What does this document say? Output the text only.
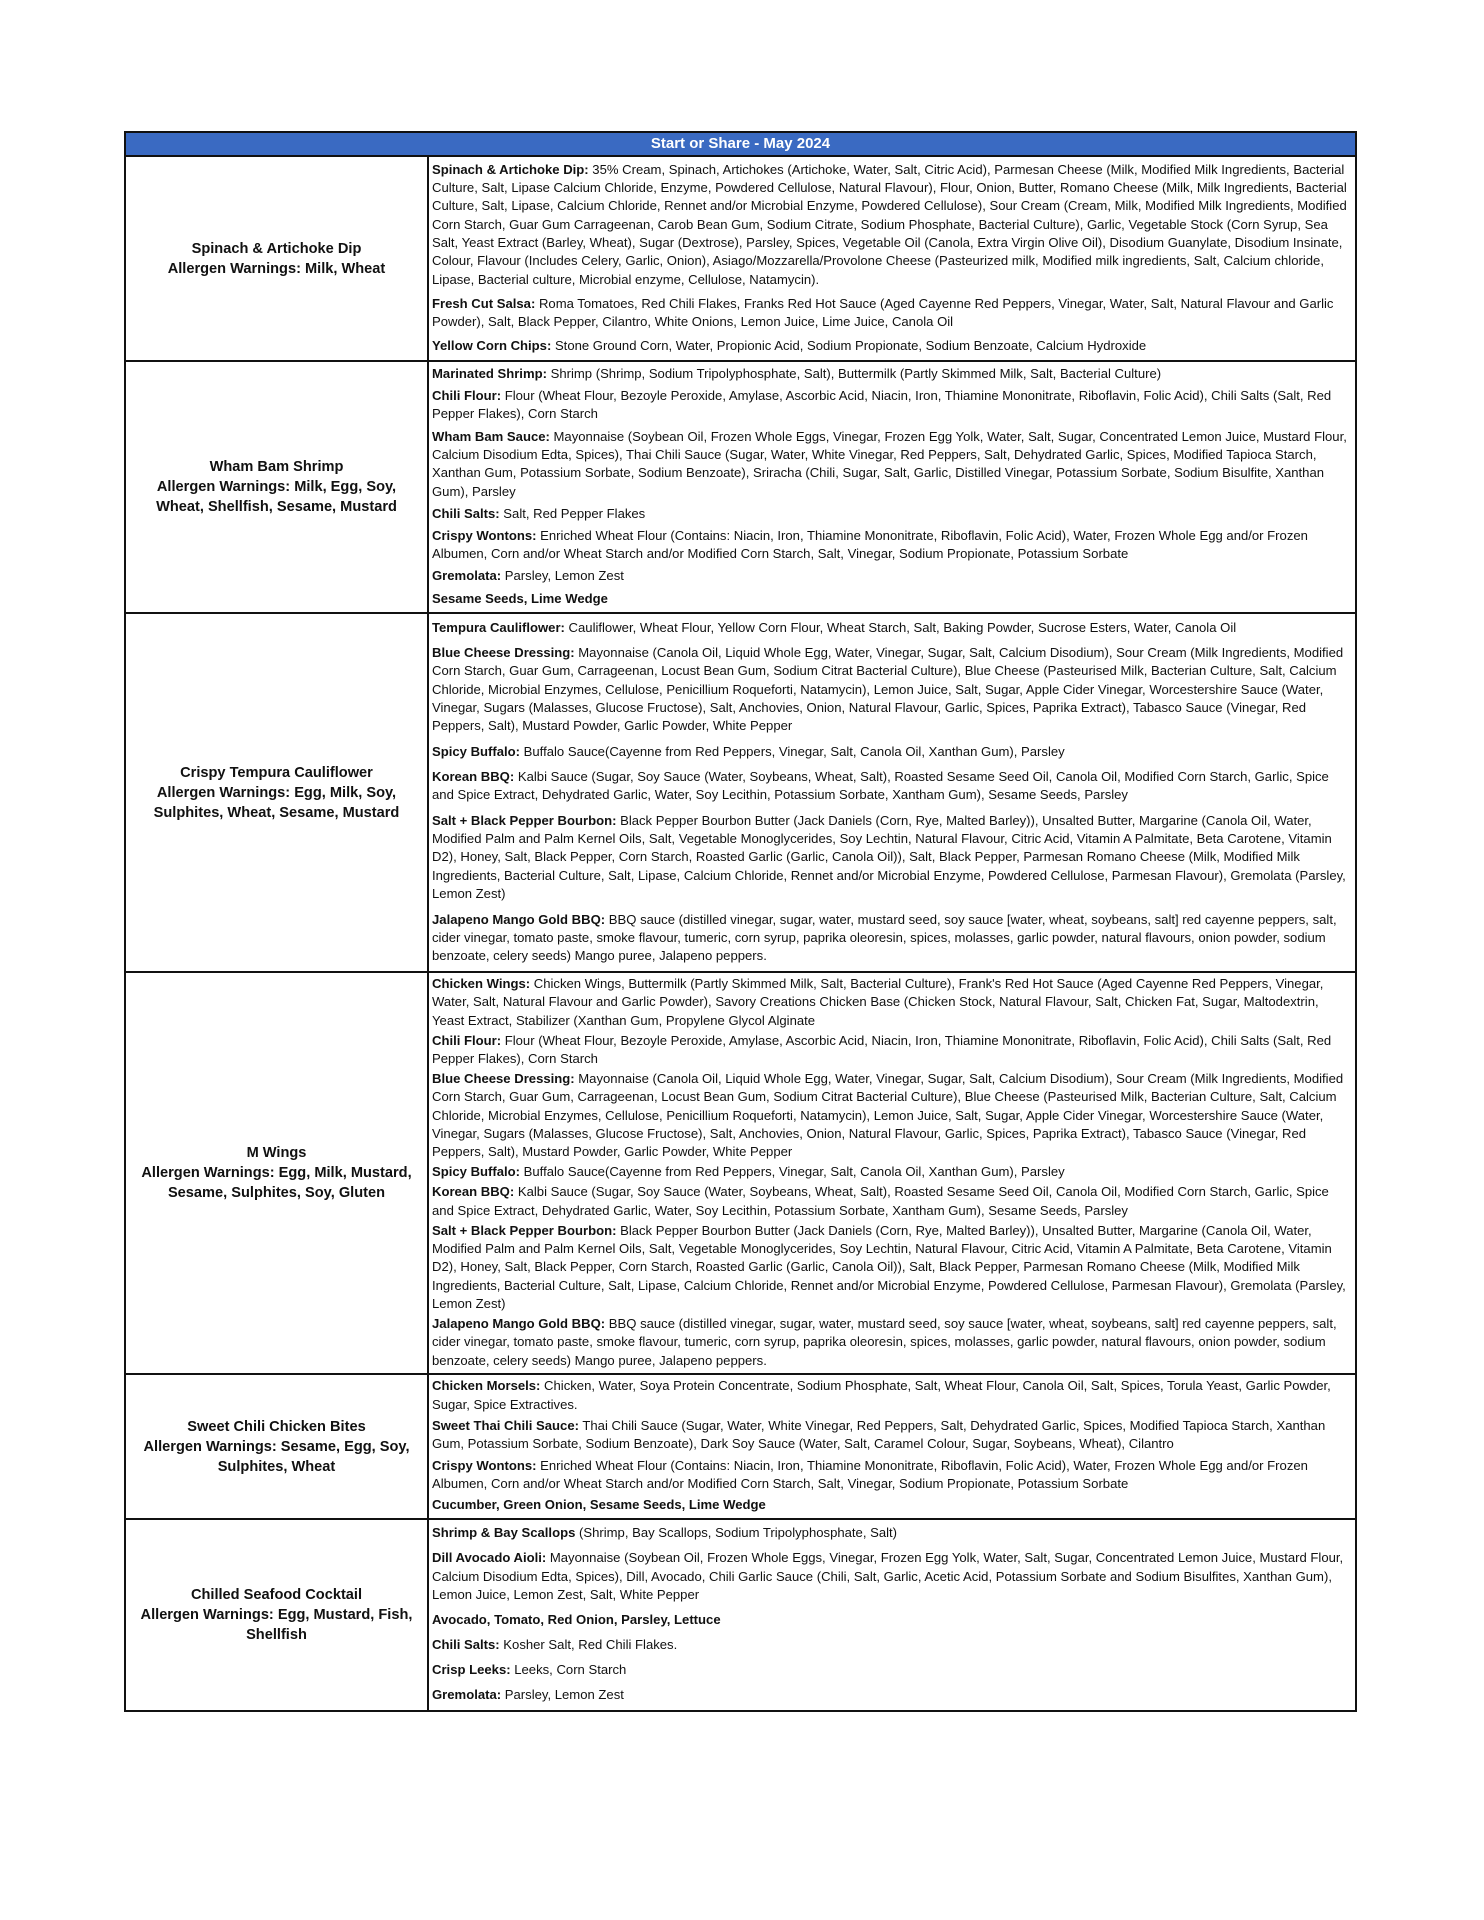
Start or Share - May 2024
Spinach & Artichoke Dip
Allergen Warnings: Milk, Wheat
Spinach & Artichoke Dip: 35% Cream, Spinach, Artichokes (Artichoke, Water, Salt, Citric Acid), Parmesan Cheese (Milk, Modified Milk Ingredients, Bacterial Culture, Salt, Lipase Calcium Chloride, Enzyme, Powdered Cellulose, Natural Flavour), Flour, Onion, Butter, Romano Cheese (Milk, Milk Ingredients, Bacterial Culture, Salt, Lipase, Calcium Chloride, Rennet and/or Microbial Enzyme, Powdered Cellulose), Sour Cream (Cream, Milk, Modified Milk Ingredients, Modified Corn Starch, Guar Gum Carrageenan, Carob Bean Gum, Sodium Citrate, Sodium Phosphate, Bacterial Culture), Garlic, Vegetable Stock (Corn Syrup, Sea Salt, Yeast Extract (Barley, Wheat), Sugar (Dextrose), Parsley, Spices, Vegetable Oil (Canola, Extra Virgin Olive Oil), Disodium Guanylate, Disodium Insinate, Colour, Flavour (Includes Celery, Garlic, Onion), Asiago/Mozzarella/Provolone Cheese (Pasteurized milk, Modified milk ingredients, Salt, Calcium chloride, Lipase, Bacterial culture, Microbial enzyme, Cellulose, Natamycin).
Fresh Cut Salsa: Roma Tomatoes, Red Chili Flakes, Franks Red Hot Sauce (Aged Cayenne Red Peppers, Vinegar, Water, Salt, Natural Flavour and Garlic Powder), Salt, Black Pepper, Cilantro, White Onions, Lemon Juice, Lime Juice, Canola Oil
Yellow Corn Chips: Stone Ground Corn, Water, Propionic Acid, Sodium Propionate, Sodium Benzoate, Calcium Hydroxide
Wham Bam Shrimp
Allergen Warnings: Milk, Egg, Soy,
Wheat, Shellfish, Sesame, Mustard
Marinated Shrimp: Shrimp (Shrimp, Sodium Tripolyphosphate, Salt), Buttermilk (Partly Skimmed Milk, Salt, Bacterial Culture)
Chili Flour: Flour (Wheat Flour, Bezoyle Peroxide, Amylase, Ascorbic Acid, Niacin, Iron, Thiamine Mononitrate, Riboflavin, Folic Acid), Chili Salts (Salt, Red Pepper Flakes), Corn Starch
Wham Bam Sauce: Mayonnaise (Soybean Oil, Frozen Whole Eggs, Vinegar, Frozen Egg Yolk, Water, Salt, Sugar, Concentrated Lemon Juice, Mustard Flour, Calcium Disodium Edta, Spices), Thai Chili Sauce (Sugar, Water, White Vinegar, Red Peppers, Salt, Dehydrated Garlic, Spices, Modified Tapioca Starch, Xanthan Gum, Potassium Sorbate, Sodium Benzoate), Sriracha (Chili, Sugar, Salt, Garlic, Distilled Vinegar, Potassium Sorbate, Sodium Bisulfite, Xanthan Gum), Parsley
Chili Salts: Salt, Red Pepper Flakes
Crispy Wontons: Enriched Wheat Flour (Contains: Niacin, Iron, Thiamine Mononitrate, Riboflavin, Folic Acid), Water, Frozen Whole Egg and/or Frozen Albumen, Corn and/or Wheat Starch and/or Modified Corn Starch, Salt, Vinegar, Sodium Propionate, Potassium Sorbate
Gremolata: Parsley, Lemon Zest
Sesame Seeds, Lime Wedge
Crispy Tempura Cauliflower
Allergen Warnings: Egg, Milk, Soy,
Sulphites, Wheat, Sesame, Mustard
Tempura Cauliflower: Cauliflower, Wheat Flour, Yellow Corn Flour, Wheat Starch, Salt, Baking Powder, Sucrose Esters, Water, Canola Oil
Blue Cheese Dressing: Mayonnaise (Canola Oil, Liquid Whole Egg, Water, Vinegar, Sugar, Salt, Calcium Disodium), Sour Cream (Milk Ingredients, Modified Corn Starch, Guar Gum, Carrageenan, Locust Bean Gum, Sodium Citrat Bacterial Culture), Blue Cheese (Pasteurised Milk, Bacterian Culture, Salt, Calcium Chloride, Microbial Enzymes, Cellulose, Penicillium Roqueforti, Natamycin), Lemon Juice, Salt, Sugar, Apple Cider Vinegar, Worcestershire Sauce (Water, Vinegar, Sugars (Malasses, Glucose Fructose), Salt, Anchovies, Onion, Natural Flavour, Garlic, Spices, Paprika Extract), Tabasco Sauce (Vinegar, Red Peppers, Salt), Mustard Powder, Garlic Powder, White Pepper
Spicy Buffalo: Buffalo Sauce(Cayenne from Red Peppers, Vinegar, Salt, Canola Oil, Xanthan Gum), Parsley
Korean BBQ: Kalbi Sauce (Sugar, Soy Sauce (Water, Soybeans, Wheat, Salt), Roasted Sesame Seed Oil, Canola Oil, Modified Corn Starch, Garlic, Spice and Spice Extract, Dehydrated Garlic, Water, Soy Lecithin, Potassium Sorbate, Xantham Gum), Sesame Seeds, Parsley
Salt + Black Pepper Bourbon: Black Pepper Bourbon Butter (Jack Daniels (Corn, Rye, Malted Barley)), Unsalted Butter, Margarine (Canola Oil, Water, Modified Palm and Palm Kernel Oils, Salt, Vegetable Monoglycerides, Soy Lechtin, Natural Flavour, Citric Acid, Vitamin A Palmitate, Beta Carotene, Vitamin D2), Honey, Salt, Black Pepper, Corn Starch, Roasted Garlic (Garlic, Canola Oil)), Salt, Black Pepper, Parmesan Romano Cheese (Milk, Modified Milk Ingredients, Bacterial Culture, Salt, Lipase, Calcium Chloride, Rennet and/or Microbial Enzyme, Powdered Cellulose, Parmesan Flavour), Gremolata (Parsley, Lemon Zest)
Jalapeno Mango Gold BBQ: BBQ sauce (distilled vinegar, sugar, water, mustard seed, soy sauce [water, wheat, soybeans, salt] red cayenne peppers, salt, cider vinegar, tomato paste, smoke flavour, tumeric, corn syrup, paprika oleoresin, spices, molasses, garlic powder, natural flavours, onion powder, sodium benzoate, celery seeds) Mango puree, Jalapeno peppers.
M Wings
Allergen Warnings: Egg, Milk, Mustard,
Sesame, Sulphites, Soy, Gluten
Chicken Wings: Chicken Wings, Buttermilk (Partly Skimmed Milk, Salt, Bacterial Culture), Frank's Red Hot Sauce (Aged Cayenne Red Peppers, Vinegar, Water, Salt, Natural Flavour and Garlic Powder), Savory Creations Chicken Base (Chicken Stock, Natural Flavour, Salt, Chicken Fat, Sugar, Maltodextrin, Yeast Extract, Stabilizer (Xanthan Gum, Propylene Glycol Alginate
Chili Flour: Flour (Wheat Flour, Bezoyle Peroxide, Amylase, Ascorbic Acid, Niacin, Iron, Thiamine Mononitrate, Riboflavin, Folic Acid), Chili Salts (Salt, Red Pepper Flakes), Corn Starch
Blue Cheese Dressing: Mayonnaise (Canola Oil, Liquid Whole Egg, Water, Vinegar, Sugar, Salt, Calcium Disodium), Sour Cream (Milk Ingredients, Modified Corn Starch, Guar Gum, Carrageenan, Locust Bean Gum, Sodium Citrat Bacterial Culture), Blue Cheese (Pasteurised Milk, Bacterian Culture, Salt, Calcium Chloride, Microbial Enzymes, Cellulose, Penicillium Roqueforti, Natamycin), Lemon Juice, Salt, Sugar, Apple Cider Vinegar, Worcestershire Sauce (Water, Vinegar, Sugars (Malasses, Glucose Fructose), Salt, Anchovies, Onion, Natural Flavour, Garlic, Spices, Paprika Extract), Tabasco Sauce (Vinegar, Red Peppers, Salt), Mustard Powder, Garlic Powder, White Pepper
Spicy Buffalo: Buffalo Sauce(Cayenne from Red Peppers, Vinegar, Salt, Canola Oil, Xanthan Gum), Parsley
Korean BBQ: Kalbi Sauce (Sugar, Soy Sauce (Water, Soybeans, Wheat, Salt), Roasted Sesame Seed Oil, Canola Oil, Modified Corn Starch, Garlic, Spice and Spice Extract, Dehydrated Garlic, Water, Soy Lecithin, Potassium Sorbate, Xantham Gum), Sesame Seeds, Parsley
Salt + Black Pepper Bourbon: Black Pepper Bourbon Butter (Jack Daniels (Corn, Rye, Malted Barley)), Unsalted Butter, Margarine (Canola Oil, Water, Modified Palm and Palm Kernel Oils, Salt, Vegetable Monoglycerides, Soy Lechtin, Natural Flavour, Citric Acid, Vitamin A Palmitate, Beta Carotene, Vitamin D2), Honey, Salt, Black Pepper, Corn Starch, Roasted Garlic (Garlic, Canola Oil)), Salt, Black Pepper, Parmesan Romano Cheese (Milk, Modified Milk Ingredients, Bacterial Culture, Salt, Lipase, Calcium Chloride, Rennet and/or Microbial Enzyme, Powdered Cellulose, Parmesan Flavour), Gremolata (Parsley, Lemon Zest)
Jalapeno Mango Gold BBQ: BBQ sauce (distilled vinegar, sugar, water, mustard seed, soy sauce [water, wheat, soybeans, salt] red cayenne peppers, salt, cider vinegar, tomato paste, smoke flavour, tumeric, corn syrup, paprika oleoresin, spices, molasses, garlic powder, natural flavours, onion powder, sodium benzoate, celery seeds) Mango puree, Jalapeno peppers.
Sweet Chili Chicken Bites
Allergen Warnings: Sesame, Egg, Soy,
Sulphites, Wheat
Chicken Morsels: Chicken, Water, Soya Protein Concentrate, Sodium Phosphate, Salt, Wheat Flour, Canola Oil, Salt, Spices, Torula Yeast, Garlic Powder, Sugar, Spice Extractives.
Sweet Thai Chili Sauce: Thai Chili Sauce (Sugar, Water, White Vinegar, Red Peppers, Salt, Dehydrated Garlic, Spices, Modified Tapioca Starch, Xanthan Gum, Potassium Sorbate, Sodium Benzoate), Dark Soy Sauce (Water, Salt, Caramel Colour, Sugar, Soybeans, Wheat), Cilantro
Crispy Wontons: Enriched Wheat Flour (Contains: Niacin, Iron, Thiamine Mononitrate, Riboflavin, Folic Acid), Water, Frozen Whole Egg and/or Frozen Albumen, Corn and/or Wheat Starch and/or Modified Corn Starch, Salt, Vinegar, Sodium Propionate, Potassium Sorbate
Cucumber, Green Onion, Sesame Seeds, Lime Wedge
Chilled Seafood Cocktail
Allergen Warnings: Egg, Mustard, Fish,
Shellfish
Shrimp & Bay Scallops (Shrimp, Bay Scallops, Sodium Tripolyphosphate, Salt)
Dill Avocado Aioli: Mayonnaise (Soybean Oil, Frozen Whole Eggs, Vinegar, Frozen Egg Yolk, Water, Salt, Sugar, Concentrated Lemon Juice, Mustard Flour, Calcium Disodium Edta, Spices), Dill, Avocado, Chili Garlic Sauce (Chili, Salt, Garlic, Acetic Acid, Potassium Sorbate and Sodium Bisulfites, Xanthan Gum), Lemon Juice, Lemon Zest, Salt, White Pepper
Avocado, Tomato, Red Onion, Parsley, Lettuce
Chili Salts: Kosher Salt, Red Chili Flakes.
Crisp Leeks: Leeks, Corn Starch
Gremolata: Parsley, Lemon Zest
